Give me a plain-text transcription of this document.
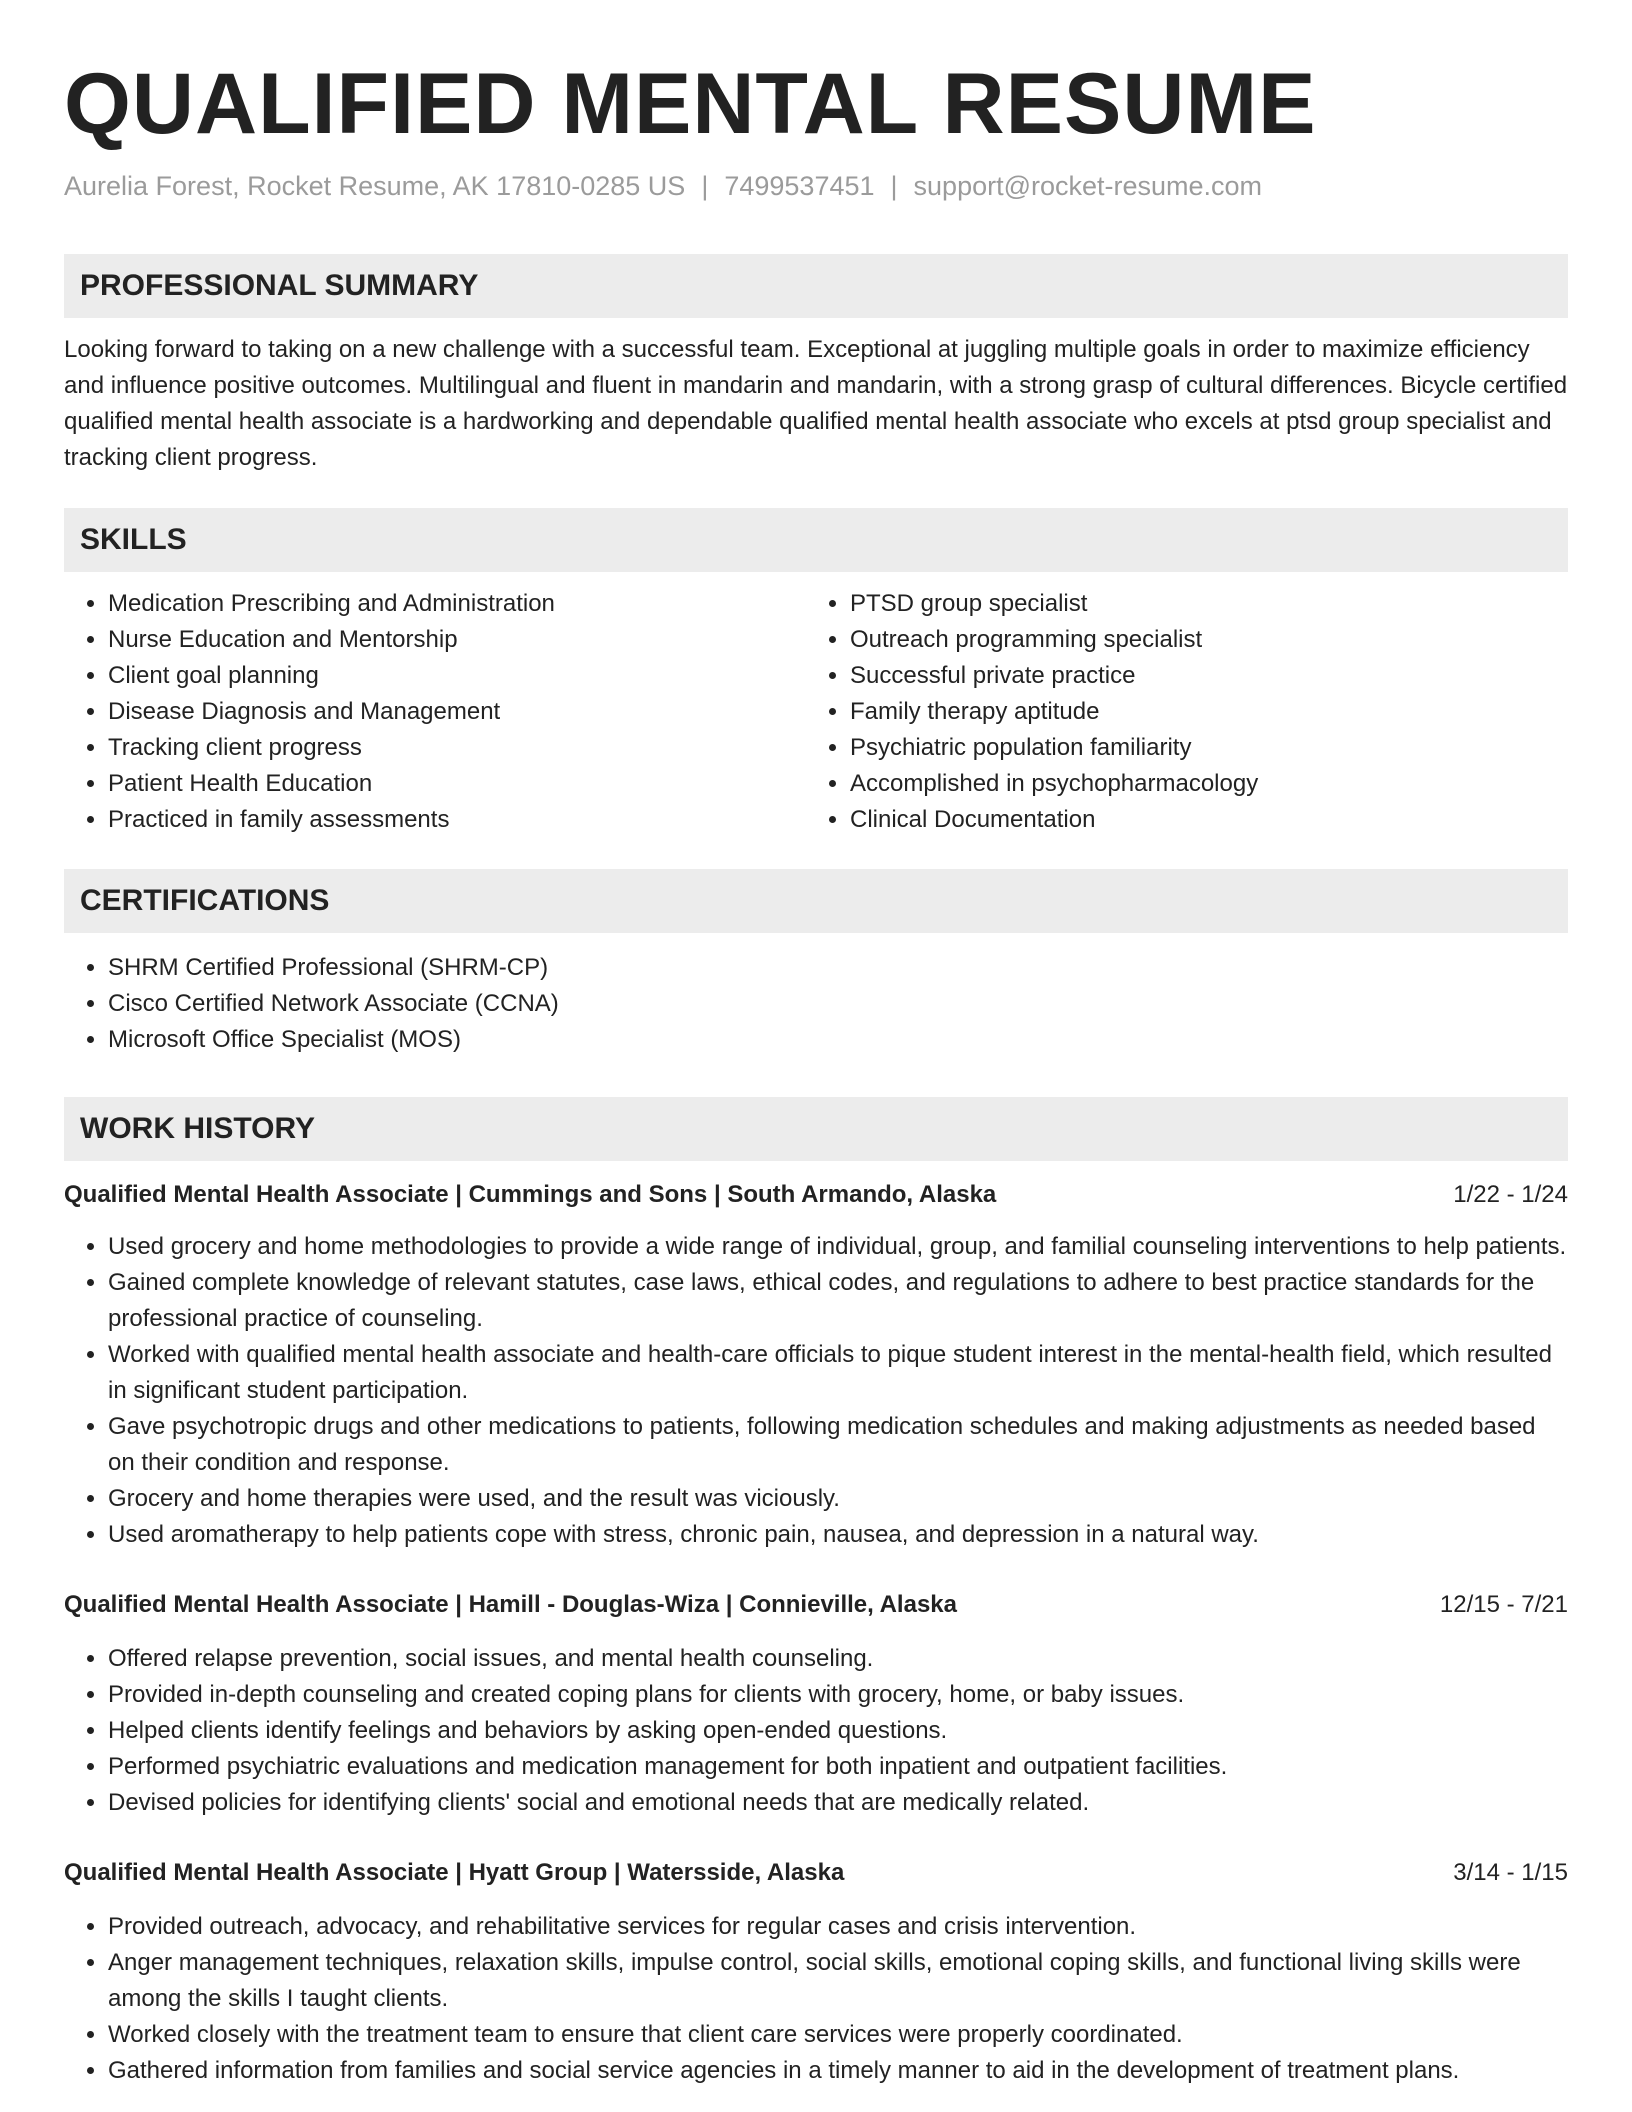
QUALIFIED MENTAL RESUME
Aurelia Forest, Rocket Resume, AK 17810-0285 US | 7499537451 | support@rocket-resume.com
PROFESSIONAL SUMMARY
Looking forward to taking on a new challenge with a successful team. Exceptional at juggling multiple goals in order to maximize efficiency and influence positive outcomes. Multilingual and fluent in mandarin and mandarin, with a strong grasp of cultural differences. Bicycle certified qualified mental health associate is a hardworking and dependable qualified mental health associate who excels at ptsd group specialist and tracking client progress.
SKILLS
• Medication Prescribing and Administration
• Nurse Education and Mentorship
• Client goal planning
• Disease Diagnosis and Management
• Tracking client progress
• Patient Health Education
• Practiced in family assessments
• PTSD group specialist
• Outreach programming specialist
• Successful private practice
• Family therapy aptitude
• Psychiatric population familiarity
• Accomplished in psychopharmacology
• Clinical Documentation
CERTIFICATIONS
• SHRM Certified Professional (SHRM-CP)
• Cisco Certified Network Associate (CCNA)
• Microsoft Office Specialist (MOS)
WORK HISTORY
Qualified Mental Health Associate | Cummings and Sons | South Armando, Alaska	1/22 - 1/24
• Used grocery and home methodologies to provide a wide range of individual, group, and familial counseling interventions to help patients.
• Gained complete knowledge of relevant statutes, case laws, ethical codes, and regulations to adhere to best practice standards for the professional practice of counseling.
• Worked with qualified mental health associate and health-care officials to pique student interest in the mental-health field, which resulted in significant student participation.
• Gave psychotropic drugs and other medications to patients, following medication schedules and making adjustments as needed based on their condition and response.
• Grocery and home therapies were used, and the result was viciously.
• Used aromatherapy to help patients cope with stress, chronic pain, nausea, and depression in a natural way.
Qualified Mental Health Associate | Hamill - Douglas-Wiza | Connieville, Alaska	12/15 - 7/21
• Offered relapse prevention, social issues, and mental health counseling.
• Provided in-depth counseling and created coping plans for clients with grocery, home, or baby issues.
• Helped clients identify feelings and behaviors by asking open-ended questions.
• Performed psychiatric evaluations and medication management for both inpatient and outpatient facilities.
• Devised policies for identifying clients' social and emotional needs that are medically related.
Qualified Mental Health Associate | Hyatt Group | Watersside, Alaska	3/14 - 1/15
• Provided outreach, advocacy, and rehabilitative services for regular cases and crisis intervention.
• Anger management techniques, relaxation skills, impulse control, social skills, emotional coping skills, and functional living skills were among the skills I taught clients.
• Worked closely with the treatment team to ensure that client care services were properly coordinated.
• Gathered information from families and social service agencies in a timely manner to aid in the development of treatment plans.
